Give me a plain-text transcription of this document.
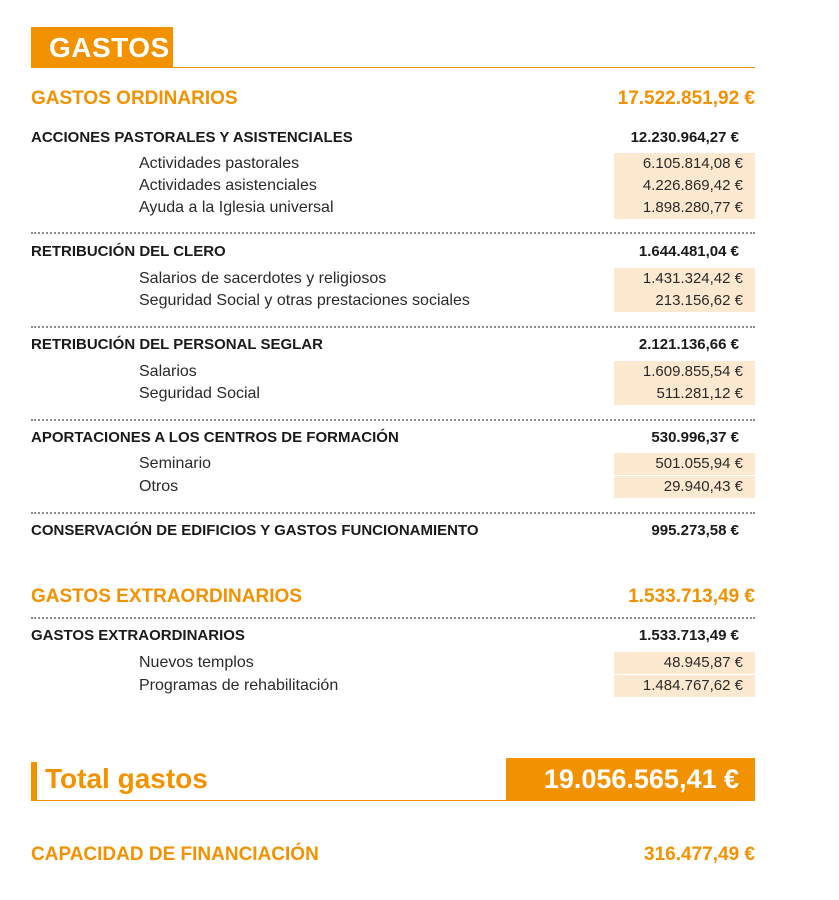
GASTOS
GASTOS ORDINARIOS	17.522.851,92 €
ACCIONES PASTORALES Y ASISTENCIALES	12.230.964,27 €
Actividades pastorales	6.105.814,08 €
Actividades asistenciales	4.226.869,42 €
Ayuda a la Iglesia universal	1.898.280,77 €
RETRIBUCIÓN DEL CLERO	1.644.481,04 €
Salarios de sacerdotes y religiosos	1.431.324,42 €
Seguridad Social y otras prestaciones sociales	213.156,62 €
RETRIBUCIÓN DEL PERSONAL SEGLAR	2.121.136,66 €
Salarios	1.609.855,54 €
Seguridad Social	511.281,12 €
APORTACIONES A LOS CENTROS DE FORMACIÓN	530.996,37 €
Seminario	501.055,94 €
Otros	29.940,43 €
CONSERVACIÓN DE EDIFICIOS Y GASTOS FUNCIONAMIENTO	995.273,58 €
GASTOS EXTRAORDINARIOS	1.533.713,49 €
GASTOS EXTRAORDINARIOS	1.533.713,49 €
Nuevos templos	48.945,87 €
Programas de rehabilitación	1.484.767,62 €
Total gastos	19.056.565,41 €
CAPACIDAD DE FINANCIACIÓN	316.477,49 €
